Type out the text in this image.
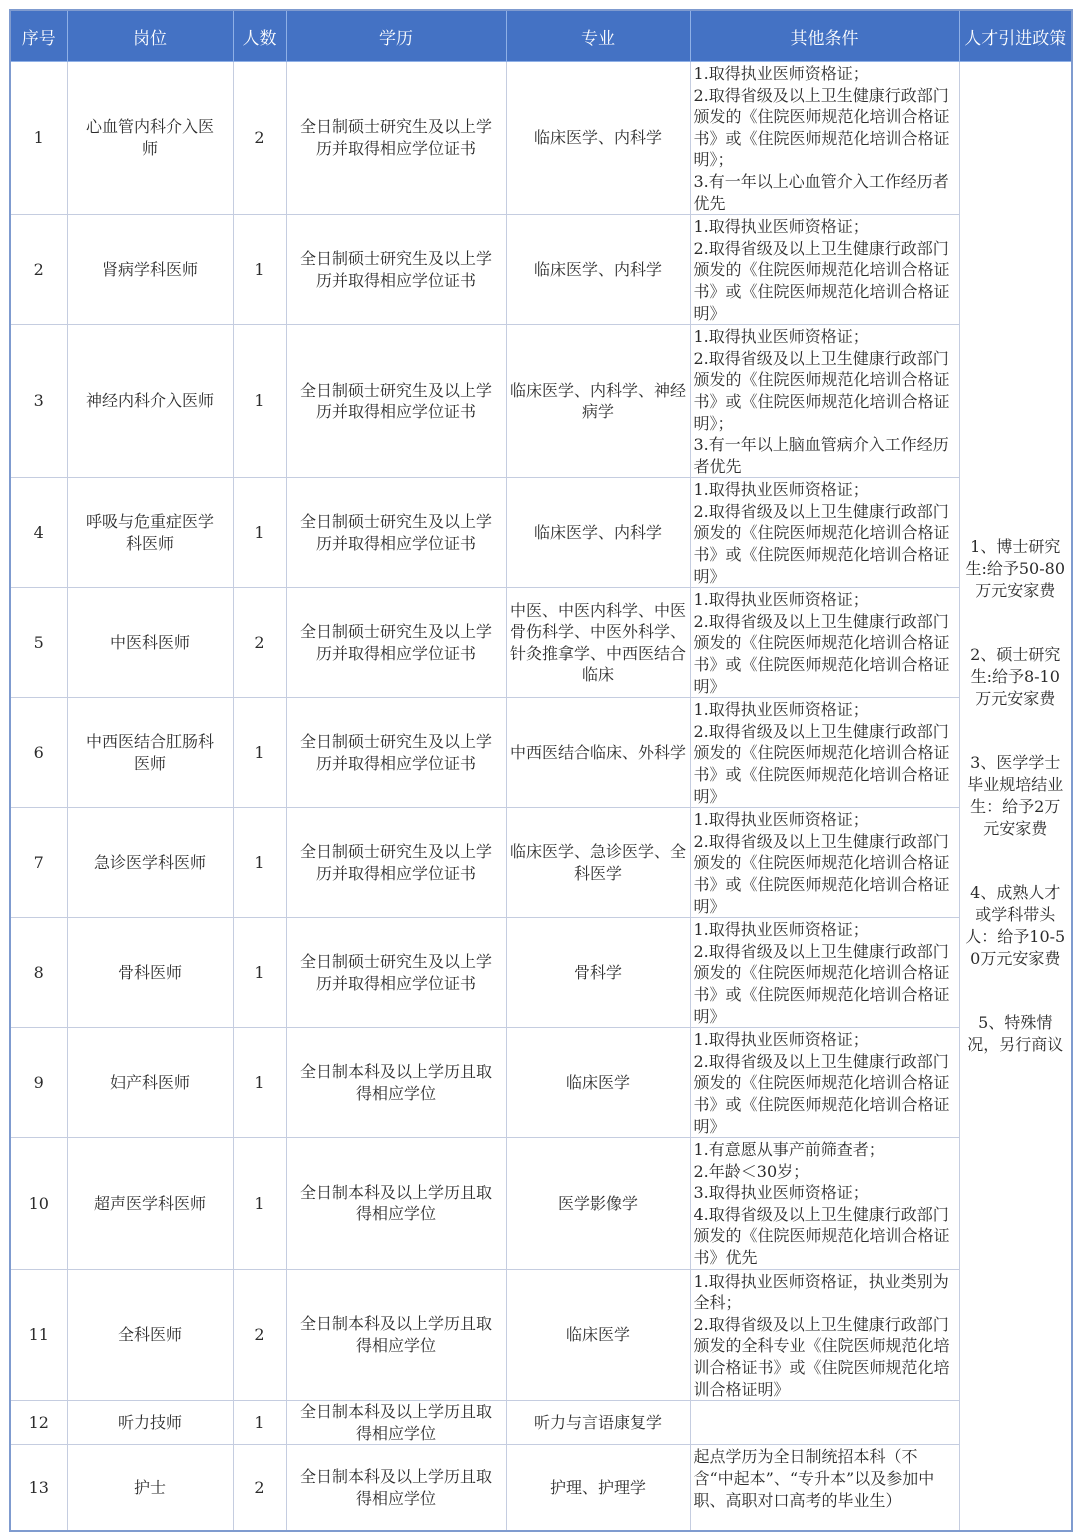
序号	岗位	人数	学历	专业	其他条件	人才引进政策
1	心血管内科介入医师	2	全日制硕士研究生及以上学历并取得相应学位证书	临床医学、内科学	1.取得执业医师资格证；
2.取得省级及以上卫生健康行政部门颁发的《住院医师规范化培训合格证书》或《住院医师规范化培训合格证明》；
3.有一年以上心血管介入工作经历者优先	1、博士研究生:给予50-80万元安家费
2、硕士研究生:给予8-10万元安家费
3、医学学士毕业规培结业生：给予2万元安家费
4、成熟人才或学科带头人：给予10-50万元安家费
5、特殊情况，另行商议

2	肾病学科医师	1	全日制硕士研究生及以上学历并取得相应学位证书	临床医学、内科学	1.取得执业医师资格证；
2.取得省级及以上卫生健康行政部门颁发的《住院医师规范化培训合格证书》或《住院医师规范化培训合格证明》	

3	神经内科介入医师	1	全日制硕士研究生及以上学历并取得相应学位证书	临床医学、内科学、神经病学	1.取得执业医师资格证；
2.取得省级及以上卫生健康行政部门颁发的《住院医师规范化培训合格证书》或《住院医师规范化培训合格证明》；
3.有一年以上脑血管病介入工作经历者优先	

4	呼吸与危重症医学科医师	1	全日制硕士研究生及以上学历并取得相应学位证书	临床医学、内科学	1.取得执业医师资格证；
2.取得省级及以上卫生健康行政部门颁发的《住院医师规范化培训合格证书》或《住院医师规范化培训合格证明》	

5	中医科医师	2	全日制硕士研究生及以上学历并取得相应学位证书	中医、中医内科学、中医骨伤科学、中医外科学、针灸推拿学、中西医结合临床	1.取得执业医师资格证；
2.取得省级及以上卫生健康行政部门颁发的《住院医师规范化培训合格证书》或《住院医师规范化培训合格证明》	

6	中西医结合肛肠科医师	1	全日制硕士研究生及以上学历并取得相应学位证书	中西医结合临床、外科学	1.取得执业医师资格证；
2.取得省级及以上卫生健康行政部门颁发的《住院医师规范化培训合格证书》或《住院医师规范化培训合格证明》	

7	急诊医学科医师	1	全日制硕士研究生及以上学历并取得相应学位证书	临床医学、急诊医学、全科医学	1.取得执业医师资格证；
2.取得省级及以上卫生健康行政部门颁发的《住院医师规范化培训合格证书》或《住院医师规范化培训合格证明》	

8	骨科医师	1	全日制硕士研究生及以上学历并取得相应学位证书	骨科学	1.取得执业医师资格证；
2.取得省级及以上卫生健康行政部门颁发的《住院医师规范化培训合格证书》或《住院医师规范化培训合格证明》	

9	妇产科医师	1	全日制本科及以上学历且取得相应学位	临床医学	1.取得执业医师资格证；
2.取得省级及以上卫生健康行政部门颁发的《住院医师规范化培训合格证书》或《住院医师规范化培训合格证明》	

10	超声医学科医师	1	全日制本科及以上学历且取得相应学位	医学影像学	1.有意愿从事产前筛查者；
2.年龄＜30岁；
3.取得执业医师资格证；
4.取得省级及以上卫生健康行政部门颁发的《住院医师规范化培训合格证书》优先	

11	全科医师	2	全日制本科及以上学历且取得相应学位	临床医学	1.取得执业医师资格证，执业类别为全科；
2.取得省级及以上卫生健康行政部门颁发的全科专业《住院医师规范化培训合格证书》或《住院医师规范化培训合格证明》	

12	听力技师	1	全日制本科及以上学历且取得相应学位	听力与言语康复学		
13	护士	2	全日制本科及以上学历且取得相应学位	护理、护理学	起点学历为全日制统招本科（不含“中起本”、“专升本”以及参加中职、高职对口高考的毕业生）	
